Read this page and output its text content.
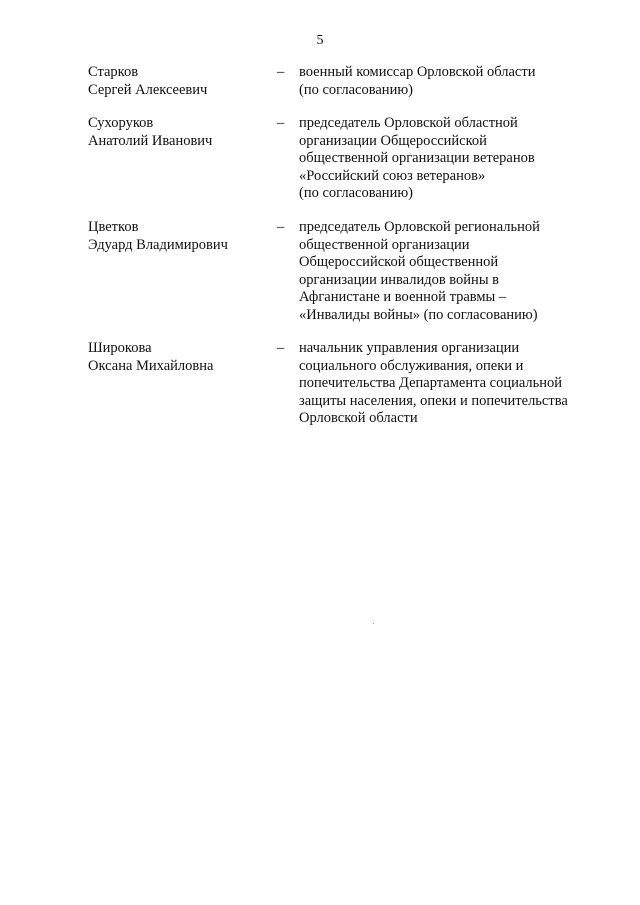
5
Старков
Сергей Алексеевич
– военный комиссар Орловской области
(по согласованию)
Сухоруков
Анатолий Иванович
– председатель Орловской областной
организации Общероссийской
общественной организации ветеранов
«Российский союз ветеранов»
(по согласованию)
Цветков
Эдуард Владимирович
– председатель Орловской региональной
общественной организации
Общероссийской общественной
организации инвалидов войны в
Афганистане и военной травмы –
«Инвалиды войны» (по согласованию)
Широкова
Оксана Михайловна
– начальник управления организации
социального обслуживания, опеки и
попечительства Департамента социальной
защиты населения, опеки и попечительства
Орловской области
